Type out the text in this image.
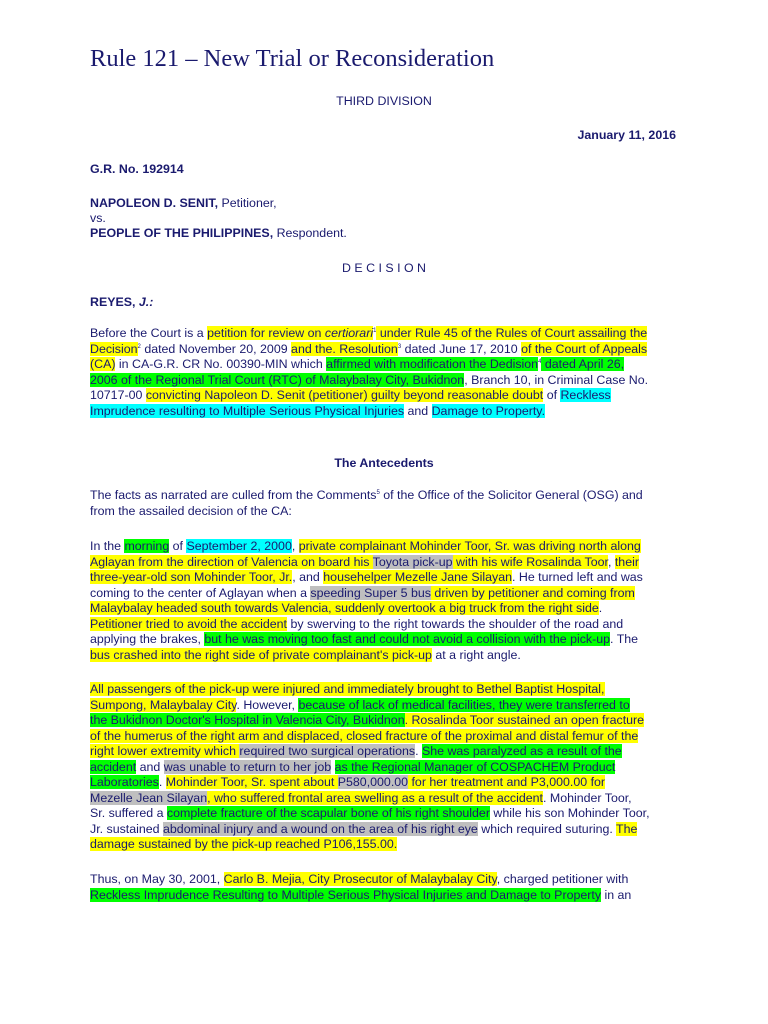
Rule 121 – New Trial or Reconsideration
THIRD DIVISION
January 11, 2016
G.R. No. 192914
NAPOLEON D. SENIT, Petitioner,
vs.
PEOPLE OF THE PHILIPPINES, Respondent.
D E C I S I O N
REYES, J.:
Before the Court is a petition for review on certiorari$^1$ under Rule 45 of the Rules of Court assailing the Decision$^2$ dated November 20, 2009 and the. Resolution$^3$ dated June 17, 2010 of the Court of Appeals (CA) in CA-G.R. CR No. 00390-MIN which affirmed with modification the Dedision$^4$ dated April 26, 2006 of the Regional Trial Court (RTC) of Malaybalay City, Bukidnon, Branch 10, in Criminal Case No. 10717-00 convicting Napoleon D. Senit (petitioner) guilty beyond reasonable doubt of Reckless Imprudence resulting to Multiple Serious Physical Injuries and Damage to Property.
The Antecedents
The facts as narrated are culled from the Comments$^5$ of the Office of the Solicitor General (OSG) and from the assailed decision of the CA:
In the morning of September 2, 2000, private complainant Mohinder Toor, Sr. was driving north along Aglayan from the direction of Valencia on board his Toyota pick-up with his wife Rosalinda Toor, their three-year-old son Mohinder Toor, Jr., and househelper Mezelle Jane Silayan. He turned left and was coming to the center of Aglayan when a speeding Super 5 bus driven by petitioner and coming from Malaybalay headed south towards Valencia, suddenly overtook a big truck from the right side. Petitioner tried to avoid the accident by swerving to the right towards the shoulder of the road and applying the brakes, but he was moving too fast and could not avoid a collision with the pick-up. The bus crashed into the right side of private complainant's pick-up at a right angle.
All passengers of the pick-up were injured and immediately brought to Bethel Baptist Hospital, Sumpong, Malaybalay City. However, because of lack of medical facilities, they were transferred to the Bukidnon Doctor's Hospital in Valencia City, Bukidnon. Rosalinda Toor sustained an open fracture of the humerus of the right arm and displaced, closed fracture of the proximal and distal femur of the right lower extremity which required two surgical operations. She was paralyzed as a result of the accident and was unable to return to her job as the Regional Manager of COSPACHEM Product Laboratories. Mohinder Toor, Sr. spent about P580,000.00 for her treatment and P3,000.00 for Mezelle Jean Silayan, who suffered frontal area swelling as a result of the accident. Mohinder Toor, Sr. suffered a complete fracture of the scapular bone of his right shoulder while his son Mohinder Toor, Jr. sustained abdominal injury and a wound on the area of his right eye which required suturing. The damage sustained by the pick-up reached P106,155.00.
Thus, on May 30, 2001, Carlo B. Mejia, City Prosecutor of Malaybalay City, charged petitioner with Reckless Imprudence Resulting to Multiple Serious Physical Injuries and Damage to Property in an
